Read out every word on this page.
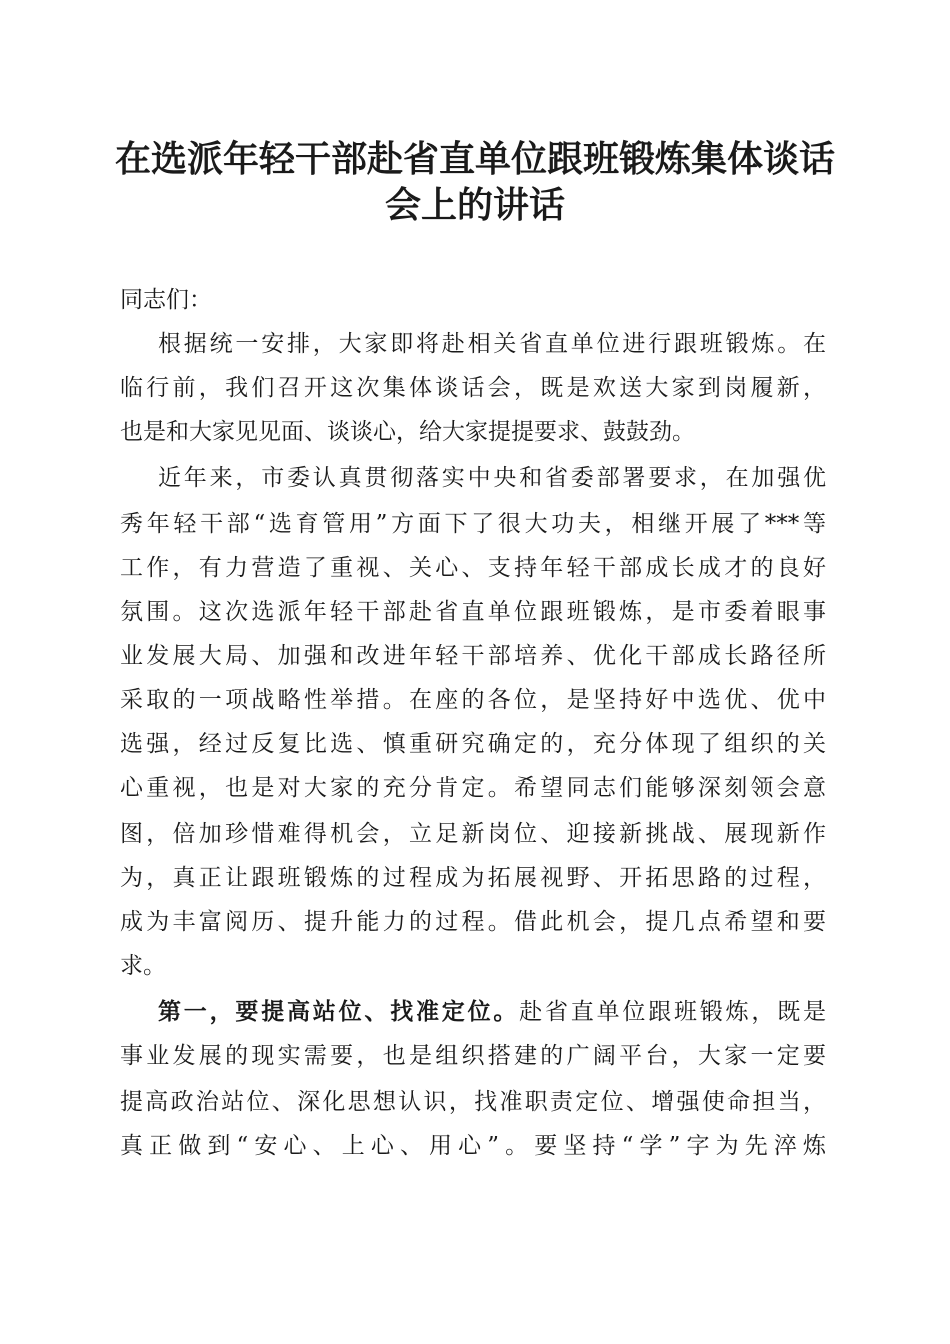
在选派年轻干部赴省直单位跟班锻炼集体谈话
会上的讲话

同志们：

根据统一安排，大家即将赴相关省直单位进行跟班锻炼。在

临行前，我们召开这次集体谈话会，既是欢送大家到岗履新，

也是和大家见见面、谈谈心，给大家提提要求、鼓鼓劲。

近年来，市委认真贯彻落实中央和省委部署要求，在加强优

秀年轻干部“选育管用”方面下了很大功夫，相继开展了***等

工作，有力营造了重视、关心、支持年轻干部成长成才的良好

氛围。这次选派年轻干部赴省直单位跟班锻炼，是市委着眼事

业发展大局、加强和改进年轻干部培养、优化干部成长路径所

采取的一项战略性举措。在座的各位，是坚持好中选优、优中

选强，经过反复比选、慎重研究确定的，充分体现了组织的关

心重视，也是对大家的充分肯定。希望同志们能够深刻领会意

图，倍加珍惜难得机会，立足新岗位、迎接新挑战、展现新作

为，真正让跟班锻炼的过程成为拓展视野、开拓思路的过程，

成为丰富阅历、提升能力的过程。借此机会，提几点希望和要

求。

第一，要提高站位、找准定位。赴省直单位跟班锻炼，既是

事业发展的现实需要，也是组织搭建的广阔平台，大家一定要

提高政治站位、深化思想认识，找准职责定位、增强使命担当，

真正做到“安心、上心、用心”。要坚持“学”字为先淬炼
